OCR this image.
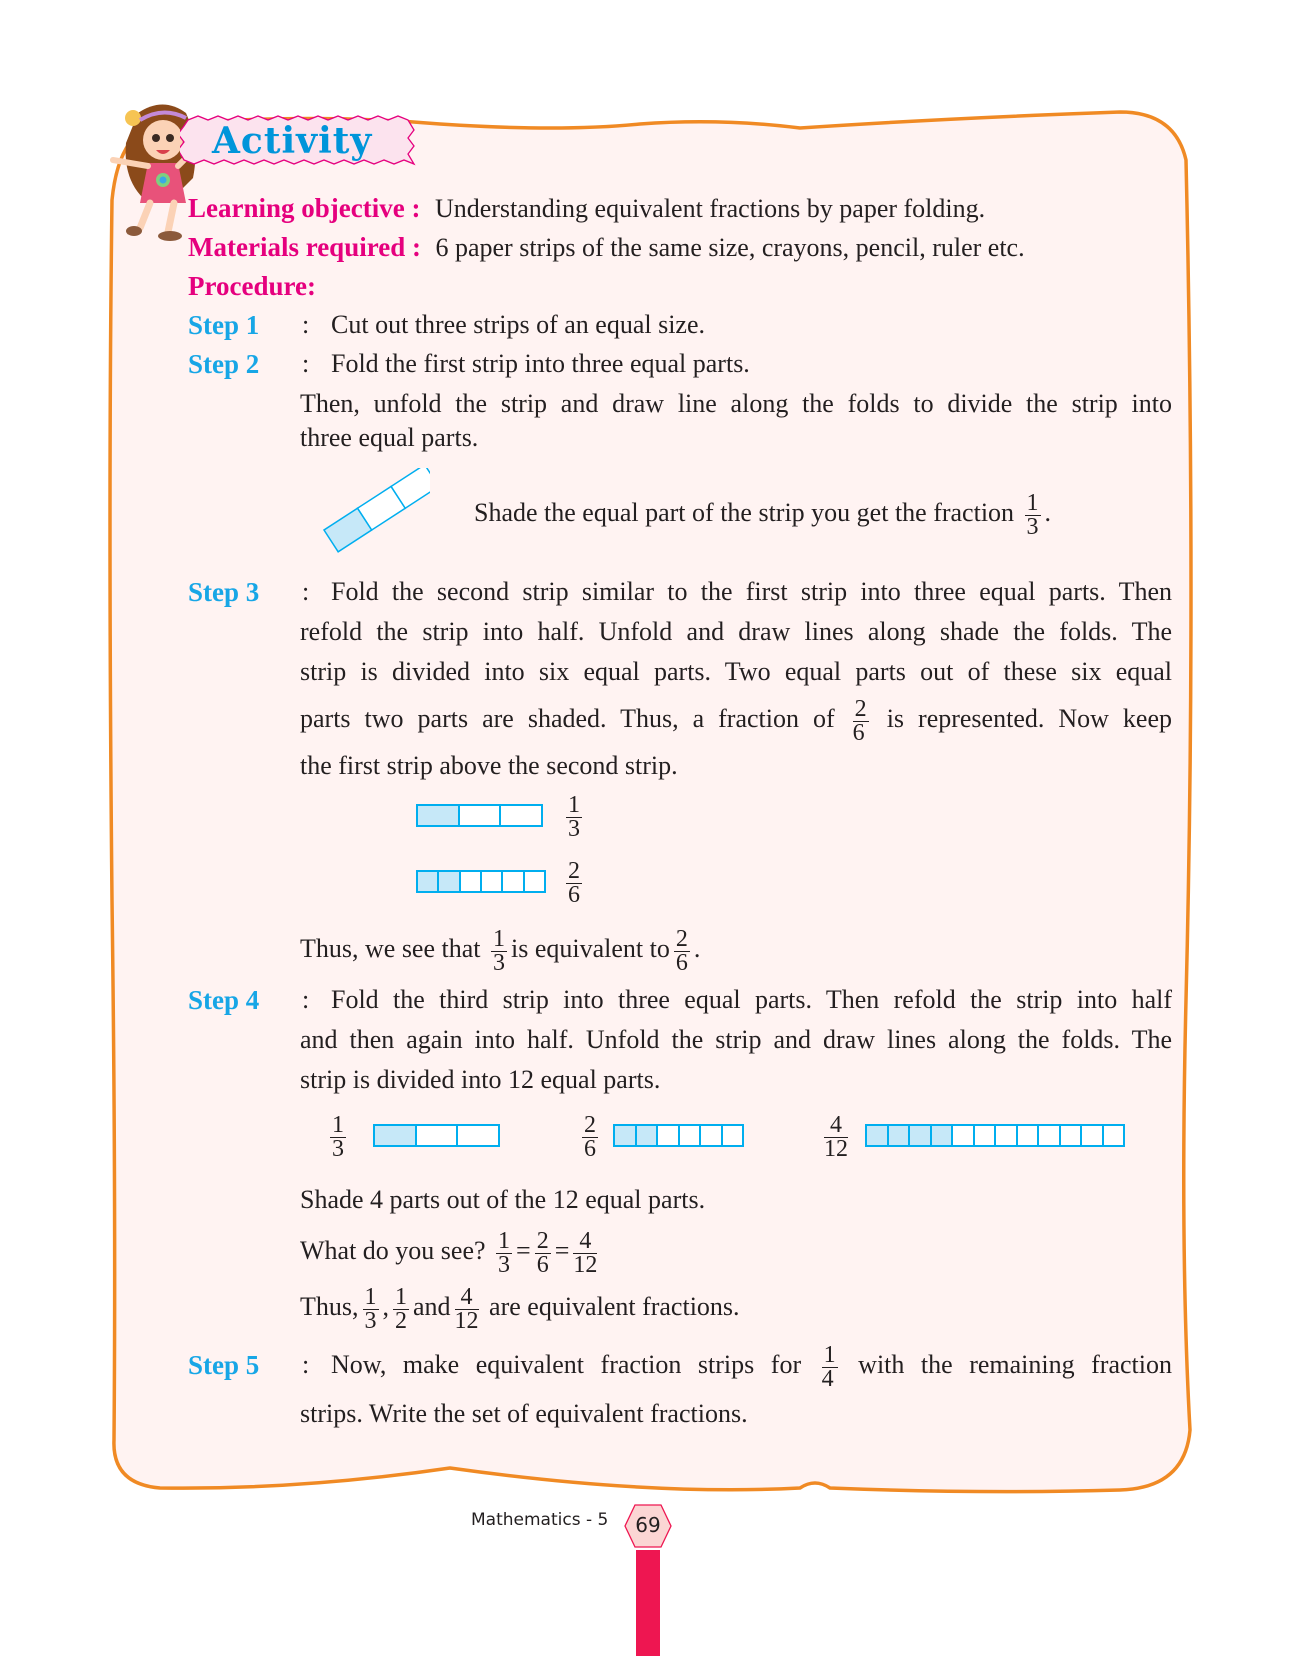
Activity
Learning objective : Understanding equivalent fractions by paper folding.
Materials required : 6 paper strips of the same size, crayons, pencil, ruler etc.
Procedure:
Step 1 : Cut out three strips of an equal size.
Step 2 : Fold the first strip into three equal parts.
Then, unfold the strip and draw line along the folds to divide the strip into
three equal parts.
Shade the equal part of the strip you get the fraction $\frac{1}{3}$ .
Step 3 : Fold the second strip similar to the first strip into three equal parts. Then
refold the strip into half. Unfold and draw lines along shade the folds. The
strip is divided into six equal parts. Two equal parts out of these six equal
parts two parts are shaded. Thus, a fraction of $\frac{2}{6}$ is represented. Now keep
the first strip above the second strip.
$\frac{1}{3}$
$\frac{2}{6}$
Thus, we see that $\frac{1}{3}$ is equivalent to $\frac{2}{6}$ .
Step 4 : Fold the third strip into three equal parts. Then refold the strip into half
and then again into half. Unfold the strip and draw lines along the folds. The
strip is divided into 12 equal parts.
$\frac{1}{3}$	$\frac{2}{6}$	$\frac{4}{12}$
Shade 4 parts out of the 12 equal parts.
What do you see? $\frac{1}{3} = \frac{2}{6} = \frac{4}{12}$
Thus, $\frac{1}{3}$ , $\frac{1}{2}$ and $\frac{4}{12}$ are equivalent fractions.
Step 5 : Now, make equivalent fraction strips for $\frac{1}{4}$ with the remaining fraction
strips. Write the set of equivalent fractions.
Mathematics - 5	69
